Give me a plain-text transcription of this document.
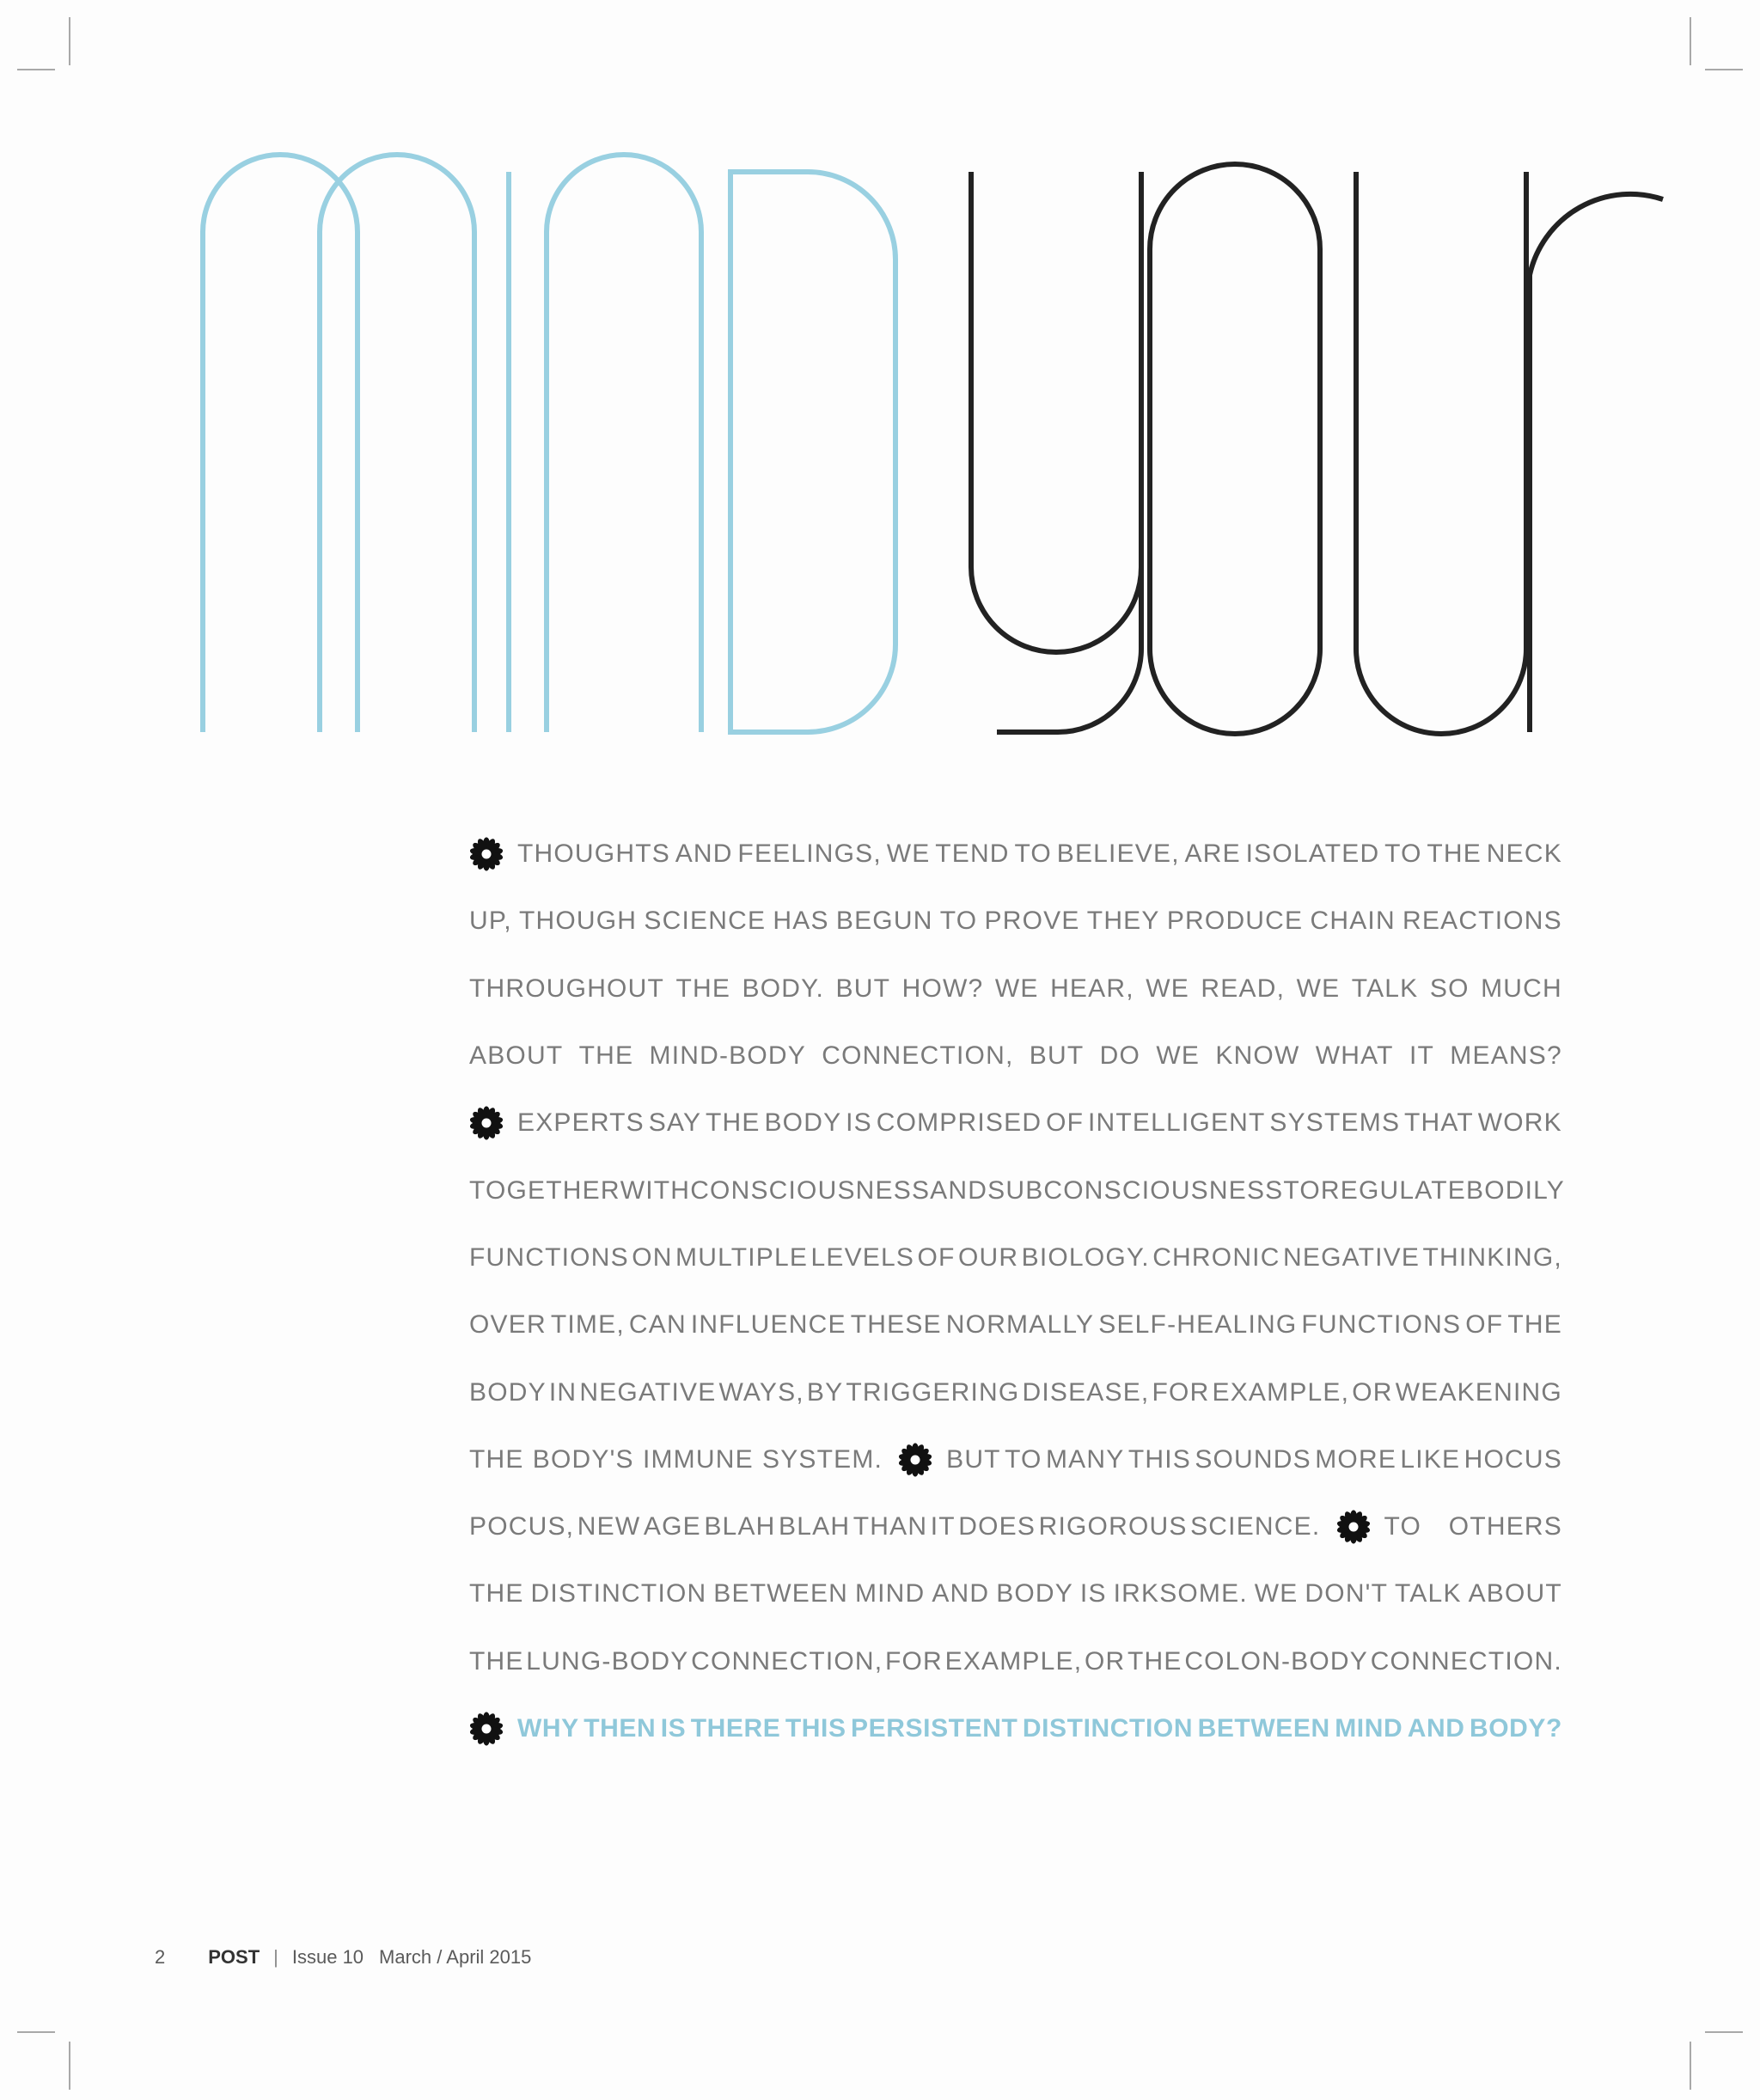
THOUGHTS AND FEELINGS, WE TEND TO BELIEVE, ARE ISOLATED TO THE NECK
UP, THOUGH SCIENCE HAS BEGUN TO PROVE THEY PRODUCE CHAIN REACTIONS
THROUGHOUT THE BODY. BUT HOW? WE HEAR, WE READ, WE TALK SO MUCH
ABOUT THE MIND-BODY CONNECTION, BUT DO WE KNOW WHAT IT MEANS?
EXPERTS SAY THE BODY IS COMPRISED OF INTELLIGENT SYSTEMS THAT WORK
TOGETHER WITH CONSCIOUSNESS AND SUBCONSCIOUSNESS TO REGULATE BODILY
FUNCTIONS ON MULTIPLE LEVELS OF OUR BIOLOGY. CHRONIC NEGATIVE THINKING,
OVER TIME, CAN INFLUENCE THESE NORMALLY SELF-HEALING FUNCTIONS OF THE
BODY IN NEGATIVE WAYS, BY TRIGGERING DISEASE, FOR EXAMPLE, OR WEAKENING
THE BODY'S IMMUNE SYSTEM. BUT TO MANY THIS SOUNDS MORE LIKE HOCUS
POCUS, NEW AGE BLAH BLAH THAN IT DOES RIGOROUS SCIENCE. TO OTHERS
THE DISTINCTION BETWEEN MIND AND BODY IS IRKSOME. WE DON'T TALK ABOUT
THE LUNG-BODY CONNECTION, FOR EXAMPLE, OR THE COLON-BODY CONNECTION.
WHY THEN IS THERE THIS PERSISTENT DISTINCTION BETWEEN MIND AND BODY?
2 POST | Issue 10 March / April 2015
